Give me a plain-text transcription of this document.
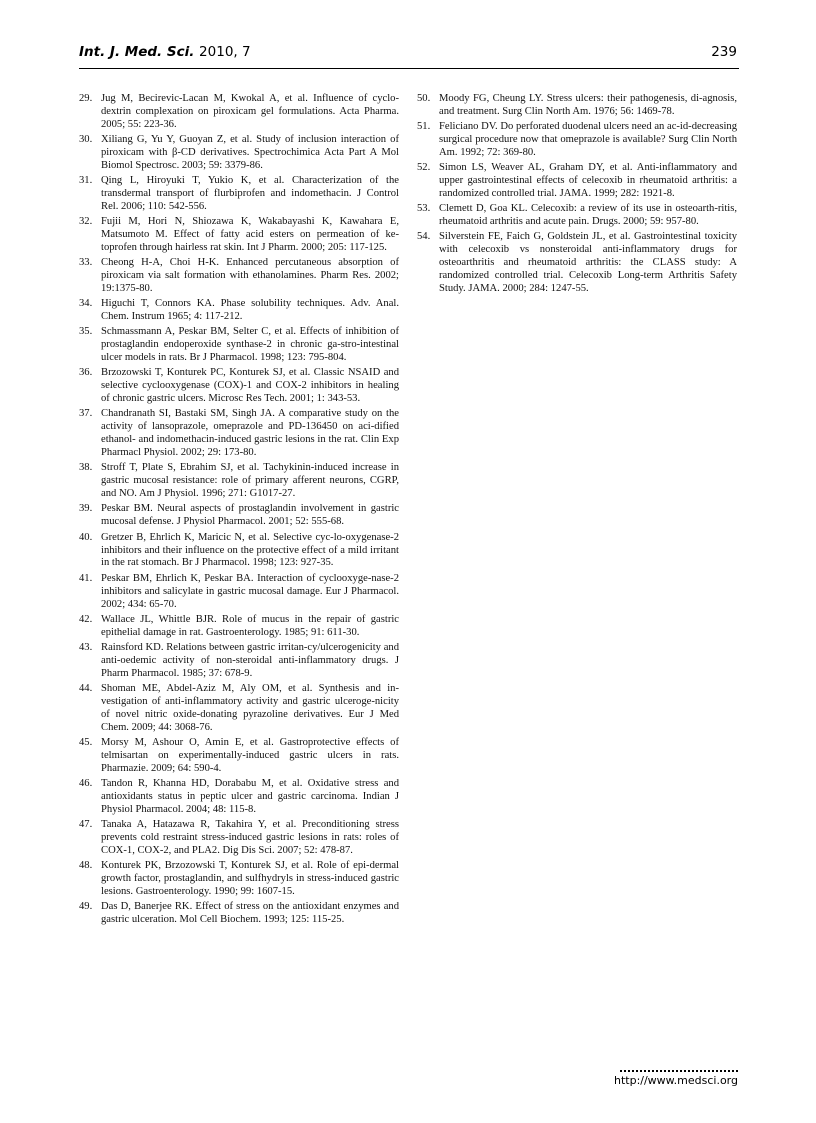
Int. J. Med. Sci. 2010, 7	239
29. Jug M, Becirevic-Lacan M, Kwokal A, et al. Influence of cyclo-dextrin complexation on piroxicam gel formulations. Acta Pharma. 2005; 55: 223-36.
30. Xiliang G, Yu Y, Guoyan Z, et al. Study of inclusion interaction of piroxicam with β-CD derivatives. Spectrochimica Acta Part A Mol Biomol Spectrosc. 2003; 59: 3379-86.
31. Qing L, Hiroyuki T, Yukio K, et al. Characterization of the transdermal transport of flurbiprofen and indomethacin. J Control Rel. 2006; 110: 542-556.
32. Fujii M, Hori N, Shiozawa K, Wakabayashi K, Kawahara E, Matsumoto M. Effect of fatty acid esters on permeation of ke-toprofen through hairless rat skin. Int J Pharm. 2000; 205: 117-125.
33. Cheong H-A, Choi H-K. Enhanced percutaneous absorption of piroxicam via salt formation with ethanolamines. Pharm Res. 2002; 19:1375-80.
34. Higuchi T, Connors KA. Phase solubility techniques. Adv. Anal. Chem. Instrum 1965; 4: 117-212.
35. Schmassmann A, Peskar BM, Selter C, et al. Effects of inhibition of prostaglandin endoperoxide synthase-2 in chronic ga-stro-intestinal ulcer models in rats. Br J Pharmacol. 1998; 123: 795-804.
36. Brzozowski T, Konturek PC, Konturek SJ, et al. Classic NSAID and selective cyclooxygenase (COX)-1 and COX-2 inhibitors in healing of chronic gastric ulcers. Microsc Res Tech. 2001; 1: 343-53.
37. Chandranath SI, Bastaki SM, Singh JA. A comparative study on the activity of lansoprazole, omeprazole and PD-136450 on aci-dified ethanol- and indomethacin-induced gastric lesions in the rat. Clin Exp Pharmacl Physiol. 2002; 29: 173-80.
38. Stroff T, Plate S, Ebrahim SJ, et al. Tachykinin-induced increase in gastric mucosal resistance: role of primary afferent neurons, CGRP, and NO. Am J Physiol. 1996; 271: G1017-27.
39. Peskar BM. Neural aspects of prostaglandin involvement in gastric mucosal defense. J Physiol Pharmacol. 2001; 52: 555-68.
40. Gretzer B, Ehrlich K, Maricic N, et al. Selective cyc-lo-oxygenase-2 inhibitors and their influence on the protective effect of a mild irritant in the rat stomach. Br J Pharmacol. 1998; 123: 927-35.
41. Peskar BM, Ehrlich K, Peskar BA. Interaction of cyclooxyge-nase-2 inhibitors and salicylate in gastric mucosal damage. Eur J Pharmacol. 2002; 434: 65-70.
42. Wallace JL, Whittle BJR. Role of mucus in the repair of gastric epithelial damage in rat. Gastroenterology. 1985; 91: 611-30.
43. Rainsford KD. Relations between gastric irritan-cy/ulcerogenicity and anti-oedemic activity of non-steroidal anti-inflammatory drugs. J Pharm Pharmacol. 1985; 37: 678-9.
44. Shoman ME, Abdel-Aziz M, Aly OM, et al. Synthesis and in-vestigation of anti-inflammatory activity and gastric ulceroge-nicity of novel nitric oxide-donating pyrazoline derivatives. Eur J Med Chem. 2009; 44: 3068-76.
45. Morsy M, Ashour O, Amin E, et al. Gastroprotective effects of telmisartan on experimentally-induced gastric ulcers in rats. Pharmazie. 2009; 64: 590-4.
46. Tandon R, Khanna HD, Dorababu M, et al. Oxidative stress and antioxidants status in peptic ulcer and gastric carcinoma. Indian J Physiol Pharmacol. 2004; 48: 115-8.
47. Tanaka A, Hatazawa R, Takahira Y, et al. Preconditioning stress prevents cold restraint stress-induced gastric lesions in rats: roles of COX-1, COX-2, and PLA2. Dig Dis Sci. 2007; 52: 478-87.
48. Konturek PK, Brzozowski T, Konturek SJ, et al. Role of epi-dermal growth factor, prostaglandin, and sulfhydryls in stress-induced gastric lesions. Gastroenterology. 1990; 99: 1607-15.
49. Das D, Banerjee RK. Effect of stress on the antioxidant enzymes and gastric ulceration. Mol Cell Biochem. 1993; 125: 115-25.
50. Moody FG, Cheung LY. Stress ulcers: their pathogenesis, di-agnosis, and treatment. Surg Clin North Am. 1976; 56: 1469-78.
51. Feliciano DV. Do perforated duodenal ulcers need an ac-id-decreasing surgical procedure now that omeprazole is available? Surg Clin North Am. 1992; 72: 369-80.
52. Simon LS, Weaver AL, Graham DY, et al. Anti-inflammatory and upper gastrointestinal effects of celecoxib in rheumatoid arthritis: a randomized controlled trial. JAMA. 1999; 282: 1921-8.
53. Clemett D, Goa KL. Celecoxib: a review of its use in osteoarth-ritis, rheumatoid arthritis and acute pain. Drugs. 2000; 59: 957-80.
54. Silverstein FE, Faich G, Goldstein JL, et al. Gastrointestinal toxicity with celecoxib vs nonsteroidal anti-inflammatory drugs for osteoarthritis and rheumatoid arthritis: the CLASS study: A randomized controlled trial. Celecoxib Long-term Arthritis Safety Study. JAMA. 2000; 284: 1247-55.
http://www.medsci.org
